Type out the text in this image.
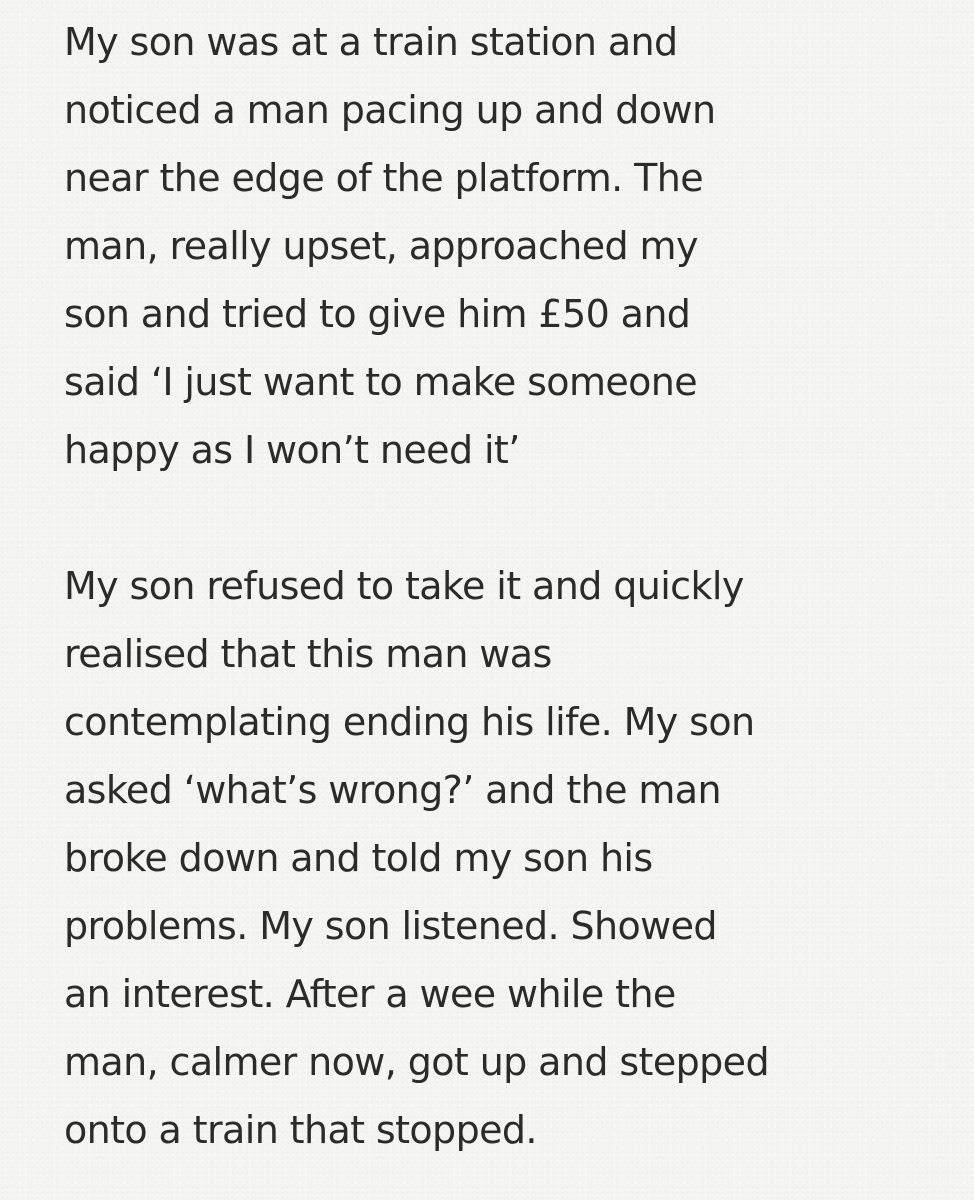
My son was at a train station and
noticed a man pacing up and down
near the edge of the platform. The
man, really upset, approached my
son and tried to give him £50 and
said ‘I just want to make someone
happy as I won’t need it’

My son refused to take it and quickly
realised that this man was
contemplating ending his life. My son
asked ‘what’s wrong?’ and the man
broke down and told my son his
problems. My son listened. Showed
an interest. After a wee while the
man, calmer now, got up and stepped
onto a train that stopped.
